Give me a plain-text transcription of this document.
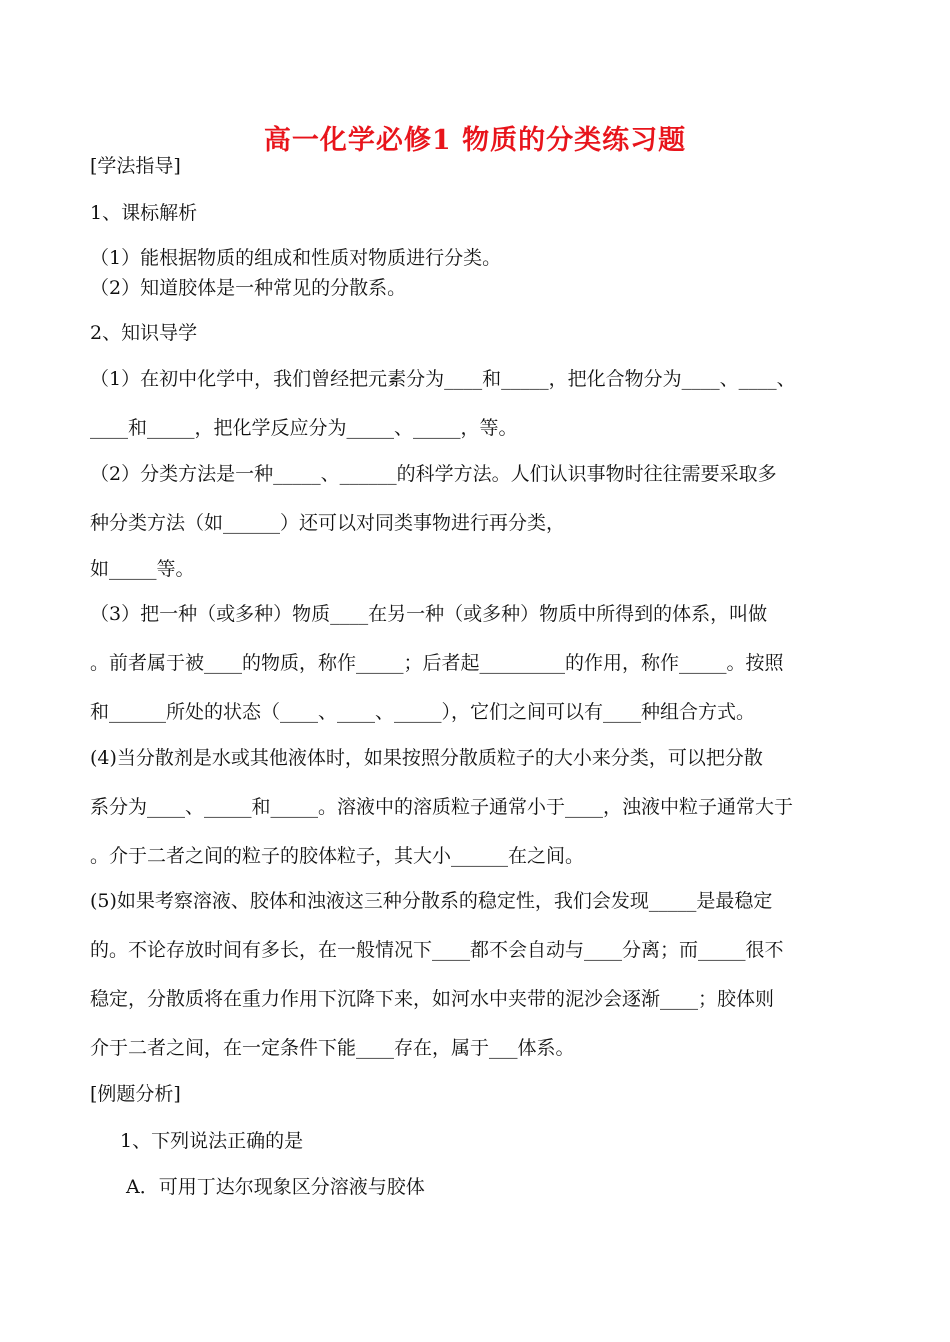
高一化学必修1 物质的分类练习题
[学法指导]
1、课标解析
（1）能根据物质的组成和性质对物质进行分类。
（2）知道胶体是一种常见的分散系。
2、知识导学
（1）在初中化学中，我们曾经把元素分为____和_____，把化合物分为____、____、
____和_____，把化学反应分为_____、_____，等。
（2）分类方法是一种_____、______的科学方法。人们认识事物时往往需要采取多
种分类方法（如______）还可以对同类事物进行再分类，
如_____等。
（3）把一种（或多种）物质____在另一种（或多种）物质中所得到的体系，叫做
。前者属于被____的物质，称作_____；后者起_________的作用，称作_____。按照
和______所处的状态（____、____、_____），它们之间可以有____种组合方式。
(4)当分散剂是水或其他液体时，如果按照分散质粒子的大小来分类，可以把分散
系分为____、_____和_____。溶液中的溶质粒子通常小于____，浊液中粒子通常大于
。介于二者之间的粒子的胶体粒子，其大小______在之间。
(5)如果考察溶液、胶体和浊液这三种分散系的稳定性，我们会发现_____是最稳定
的。不论存放时间有多长，在一般情况下____都不会自动与____分离；而_____很不
稳定，分散质将在重力作用下沉降下来，如河水中夹带的泥沙会逐渐____；胶体则
介于二者之间，在一定条件下能____存在，属于___体系。
[例题分析]
1、下列说法正确的是
A．可用丁达尔现象区分溶液与胶体
